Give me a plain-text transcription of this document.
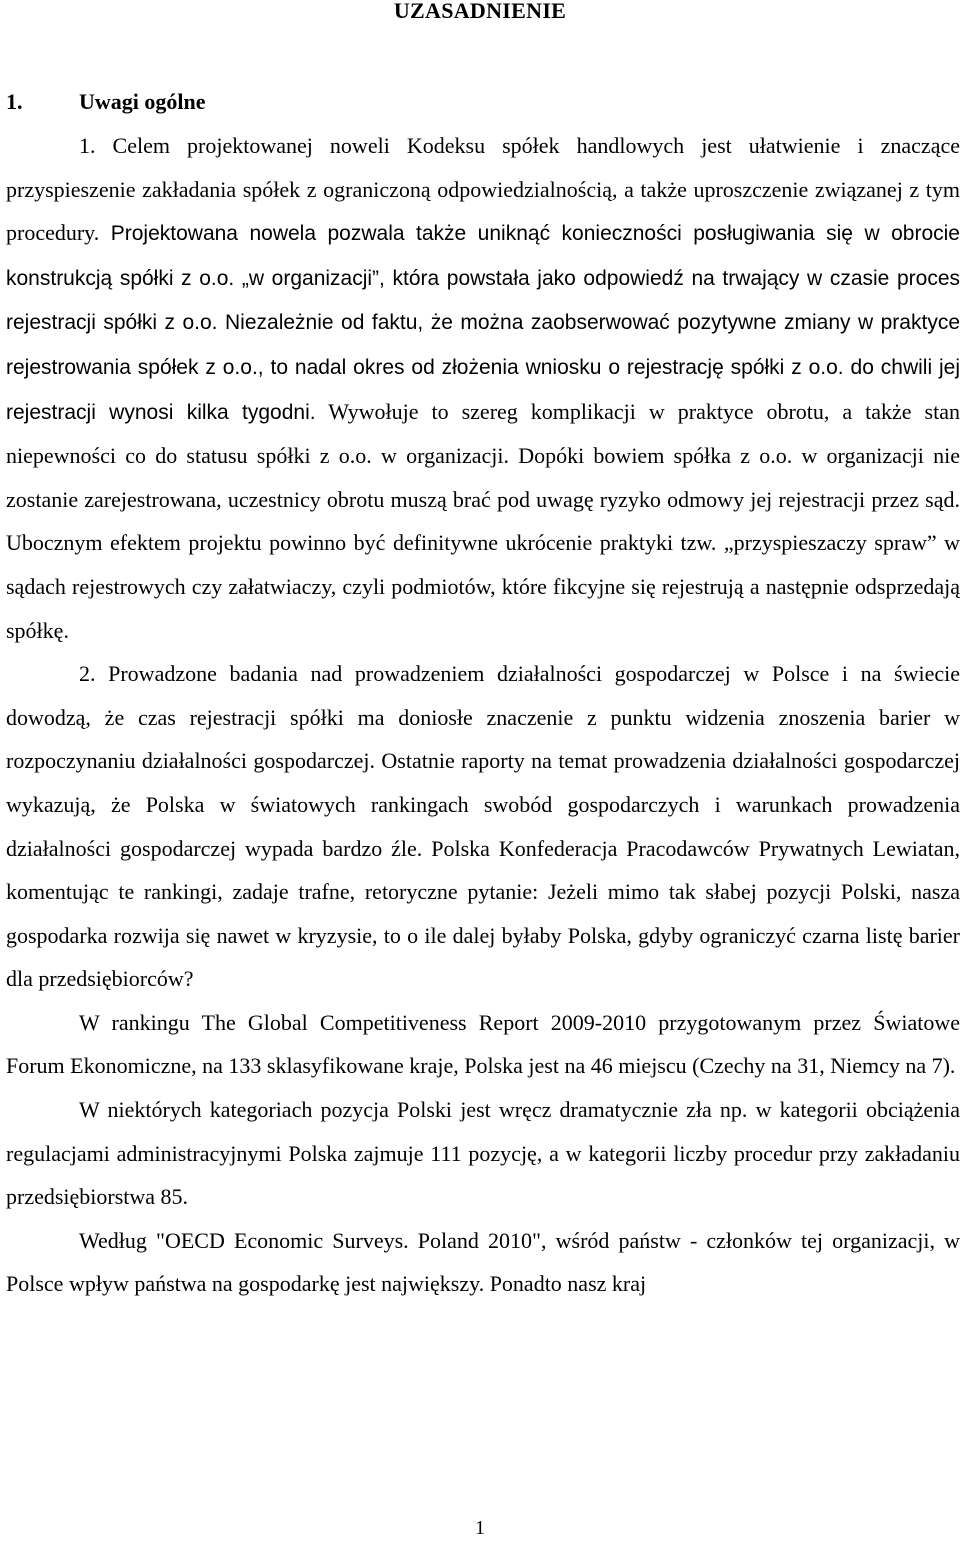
UZASADNIENIE
1.	Uwagi ogólne

1. Celem projektowanej noweli Kodeksu spółek handlowych jest ułatwienie i znaczące przyspieszenie zakładania spółek z ograniczoną odpowiedzialnością, a także uproszczenie związanej z tym procedury. Projektowana nowela pozwala także uniknąć konieczności posługiwania się w obrocie konstrukcją spółki z o.o. „w organizacji”, która powstała jako odpowiedź na trwający w czasie proces rejestracji spółki z o.o. Niezależnie od faktu, że można zaobserwować pozytywne zmiany w praktyce rejestrowania spółek z o.o., to nadal okres od złożenia wniosku o rejestrację spółki z o.o. do chwili jej rejestracji wynosi kilka tygodni. Wywołuje to szereg komplikacji w praktyce obrotu, a także stan niepewności co do statusu spółki z o.o. w organizacji. Dopóki bowiem spółka z o.o. w organizacji nie zostanie zarejestrowana, uczestnicy obrotu muszą brać pod uwagę ryzyko odmowy jej rejestracji przez sąd. Ubocznym efektem projektu powinno być definitywne ukrócenie praktyki tzw. „przyspieszaczy spraw” w sądach rejestrowych czy załatwiaczy, czyli podmiotów, które fikcyjne się rejestrują a następnie odsprzedają spółkę.

2. Prowadzone badania nad prowadzeniem działalności gospodarczej w Polsce i na świecie dowodzą, że czas rejestracji spółki ma doniosłe znaczenie z punktu widzenia znoszenia barier w rozpoczynaniu działalności gospodarczej. Ostatnie raporty na temat prowadzenia działalności gospodarczej wykazują, że Polska w światowych rankingach swobód gospodarczych i warunkach prowadzenia działalności gospodarczej wypada bardzo źle. Polska Konfederacja Pracodawców Prywatnych Lewiatan, komentując te rankingi, zadaje trafne, retoryczne pytanie: Jeżeli mimo tak słabej pozycji Polski, nasza gospodarka rozwija się nawet w kryzysie, to o ile dalej byłaby Polska, gdyby ograniczyć czarna listę barier dla przedsiębiorców?

W rankingu The Global Competitiveness Report 2009-2010 przygotowanym przez Światowe Forum Ekonomiczne, na 133 sklasyfikowane kraje, Polska jest na 46 miejscu (Czechy na 31, Niemcy na 7).

W niektórych kategoriach pozycja Polski jest wręcz dramatycznie zła np. w kategorii obciążenia regulacjami administracyjnymi Polska zajmuje 111 pozycję, a w kategorii liczby procedur przy zakładaniu przedsiębiorstwa 85.

Według "OECD Economic Surveys. Poland 2010", wśród państw - członków tej organizacji, w Polsce wpływ państwa na gospodarkę jest największy. Ponadto nasz kraj

1
